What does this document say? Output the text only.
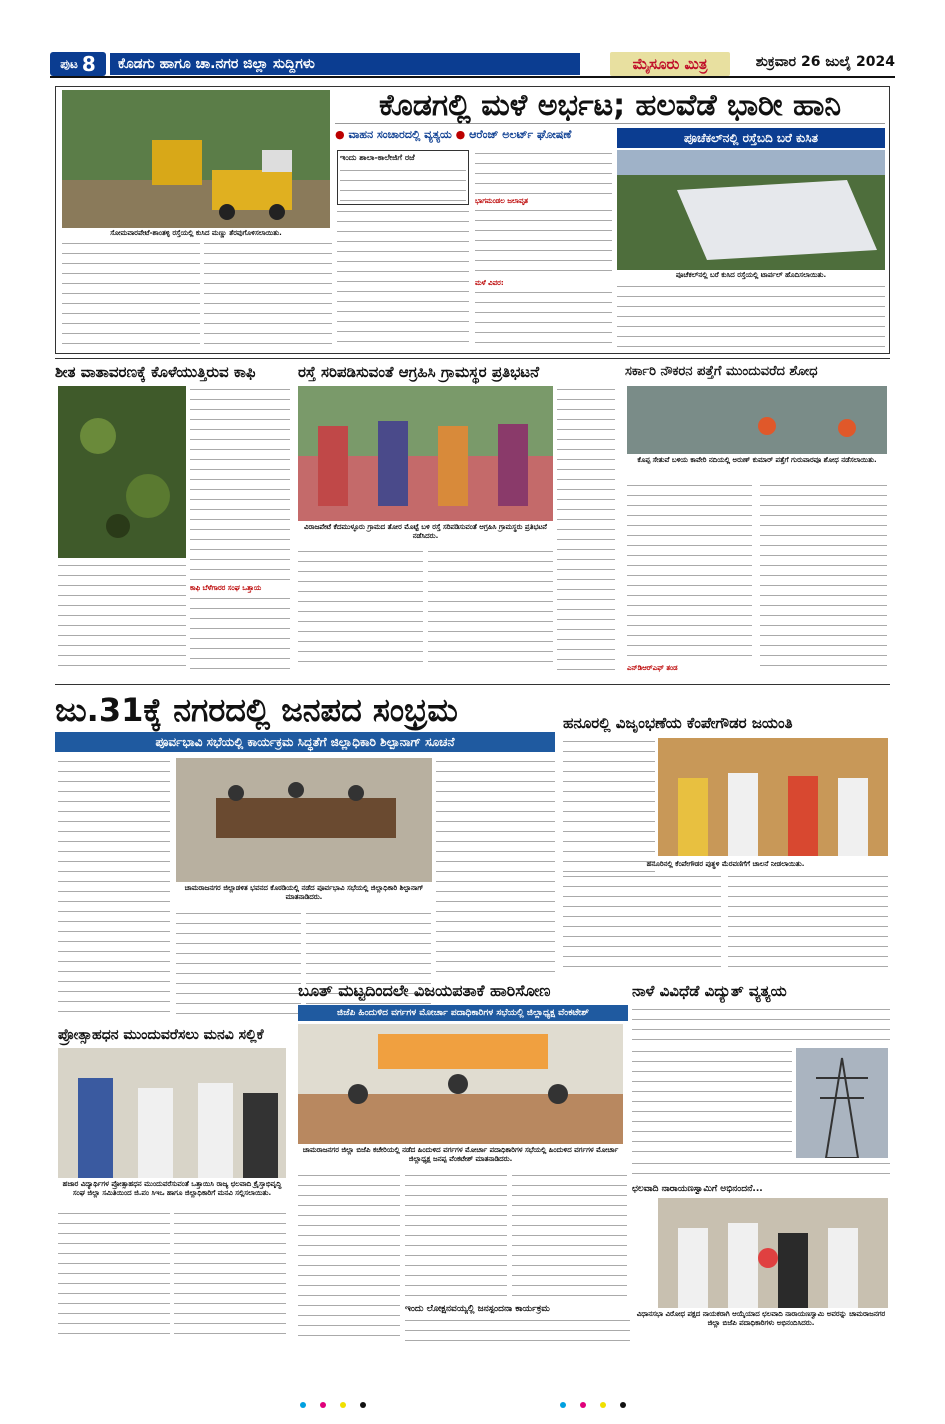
ಪುಟ 8	ಕೊಡಗು ಹಾಗೂ ಚಾ.ನಗರ ಜಿಲ್ಲಾ ಸುದ್ದಿಗಳು	ಮೈಸೂರು ಮಿತ್ರ	ಶುಕ್ರವಾರ 26 ಜುಲೈ 2024
ಸೋಮವಾರಪೇಟೆ-ಶಾಂತಳ್ಳಿ ರಸ್ತೆಯಲ್ಲಿ ಕುಸಿದ ಮಣ್ಣು ತೆರವುಗೊಳಿಸಲಾಯಿತು.
ಕೊಡಗಲ್ಲಿ ಮಳೆ ಅರ್ಭಟ; ಹಲವೆಡೆ ಭಾರೀ ಹಾನಿ
● ವಾಹನ ಸಂಚಾರದಲ್ಲಿ ವ್ಯತ್ಯಯ ● ಆರೆಂಜ್ ಅಲರ್ಟ್ ಘೋಷಣೆ	ಪೂಚೆಕಲ್‌ನಲ್ಲಿ ರಸ್ತೆಬದಿ ಬರೆ ಕುಸಿತ
ಪೂಚೆಕಲ್‌ನಲ್ಲಿ ಬರೆ ಕುಸಿದ ರಸ್ತೆಯಲ್ಲಿ ಟಾರ್ಪಲ್ ಹೊದಿಸಲಾಯಿತು.
ಇಂದು ಶಾಲಾ-ಕಾಲೇಜಿಗೆ ರಜೆ
ಭಾಗಮಂಡಲ ಜಲಾವೃತ
ಮಳೆ ವಿವರ:
ಶೀತ ವಾತಾವರಣಕ್ಕೆ ಕೊಳೆಯುತ್ತಿರುವ ಕಾಫಿ
ಕಾಫಿ ಬೆಳೆಗಾರರ ಸಂಘ ಒತ್ತಾಯ
ರಸ್ತೆ ಸರಿಪಡಿಸುವಂತೆ ಆಗ್ರಹಿಸಿ ಗ್ರಾಮಸ್ಥರ ಪ್ರತಿಭಟನೆ
ವಿರಾಜಪೇಟೆ ಕೆದಮುಳ್ಳೂರು ಗ್ರಾಮದ ತೋರ ಮೊಟ್ಟೆ ಬಳಿ ರಸ್ತೆ ಸರಿಪಡಿಸುವಂತೆ ಆಗ್ರಹಿಸಿ ಗ್ರಾಮಸ್ಥರು ಪ್ರತಿಭಟನೆ ನಡೆಸಿದರು.
ಸರ್ಕಾರಿ ನೌಕರನ ಪತ್ತೆಗೆ ಮುಂದುವರೆದ ಶೋಧ
ಕೊಪ್ಪ ಸೇತುವೆ ಬಳಿಯ ಕಾವೇರಿ ನದಿಯಲ್ಲಿ ಅರುಣ್ ಕುಮಾರ್ ಪತ್ತೆಗೆ ಗುರುವಾರವೂ ಶೋಧ ನಡೆಸಲಾಯಿತು.
ಎನ್‌ಡಿಆರ್‌ಎಫ್ ತಂಡ
ಜು.31ಕ್ಕೆ ನಗರದಲ್ಲಿ ಜನಪದ ಸಂಭ್ರಮ
ಪೂರ್ವಭಾವಿ ಸಭೆಯಲ್ಲಿ ಕಾರ್ಯಕ್ರಮ ಸಿದ್ಧತೆಗೆ ಜಿಲ್ಲಾಧಿಕಾರಿ ಶಿಲ್ಪಾನಾಗ್ ಸೂಚನೆ
ಚಾಮರಾಜನಗರ ಜಿಲ್ಲಾಡಳಿತ ಭವನದ ಕೊಠಡಿಯಲ್ಲಿ ನಡೆದ ಪೂರ್ವಭಾವಿ ಸಭೆಯಲ್ಲಿ ಜಿಲ್ಲಾಧಿಕಾರಿ ಶಿಲ್ಪಾನಾಗ್ ಮಾತನಾಡಿದರು.
ಹನೂರಲ್ಲಿ ವಿಜೃಂಭಣೆಯ ಕೆಂಪೇಗೌಡರ ಜಯಂತಿ
ಹನೂರಿನಲ್ಲಿ ಕೆಂಪೇಗೌಡರ ಪುತ್ಥಳಿ ಮೆರವಣಿಗೆಗೆ ಚಾಲನೆ ನೀಡಲಾಯಿತು.
ಪ್ರೋತ್ಸಾಹಧನ ಮುಂದುವರೆಸಲು ಮನವಿ ಸಲ್ಲಿಕೆ
ಹಜಾರ ವಿದ್ಯಾರ್ಥಿಗಳ ಪ್ರೋತ್ಸಾಹಧನ ಮುಂದುವರೆಸುವಂತೆ ಒತ್ತಾಯಿಸಿ ರಾಜ್ಯ ಛಲವಾದಿ ಕ್ರೈಸ್ತಾಭಿವೃದ್ಧಿ ಸಂಘ ಜಿಲ್ಲಾ ಸಮಿತಿಯಿಂದ ಜಿ.ಪಂ ಸಿಇಒ ಹಾಗೂ ಜಿಲ್ಲಾಧಿಕಾರಿಗೆ ಮನವಿ ಸಲ್ಲಿಸಲಾಯಿತು.
ಬೂತ್ ಮಟ್ಟದಿಂದಲೇ ವಿಜಯಪತಾಕೆ ಹಾರಿಸೋಣ
ಜಿಜೆಪಿ ಹಿಂದುಳಿದ ವರ್ಗಗಳ ಮೋರ್ಚಾ ಪದಾಧಿಕಾರಿಗಳ ಸಭೆಯಲ್ಲಿ ಜಿಲ್ಲಾಧ್ಯಕ್ಷ ವೆಂಕಟೇಶ್
ಚಾಮರಾಜನಗರ ಜಿಲ್ಲಾ ಬಿಜೆಪಿ ಕಚೇರಿಯಲ್ಲಿ ನಡೆದ ಹಿಂದುಳಿದ ವರ್ಗಗಳ ಮೋರ್ಚಾ ಪದಾಧಿಕಾರಿಗಳ ಸಭೆಯಲ್ಲಿ ಹಿಂದುಳಿದ ವರ್ಗಗಳ ಮೋರ್ಚಾ ಜಿಲ್ಲಾಧ್ಯಕ್ಷ ಜನಪ್ಪ ವೆಂಕಟೇಶ್ ಮಾತನಾಡಿದರು.
ಇಂದು ಲೋಕ್ಷನವಯ್ಯಲ್ಲಿ ಜನಸ್ಪಂದನಾ ಕಾರ್ಯಕ್ರಮ
ನಾಳೆ ವಿವಿಧೆಡೆ ವಿದ್ಯುತ್ ವ್ಯತ್ಯಯ
ಛಲವಾದಿ ನಾರಾಯಣಸ್ವಾಮಿಗೆ ಅಭಿನಂದನೆ...
ವಿಧಾನಸಭಾ ವಿರೋಧ ಪಕ್ಷದ ನಾಯಕರಾಗಿ ಆಯ್ಕೆಯಾದ ಛಲವಾದಿ ನಾರಾಯಣಸ್ವಾಮಿ ಅವರನ್ನು ಚಾಮರಾಜನಗರ ಜಿಲ್ಲಾ ಬಿಜೆಪಿ ಪದಾಧಿಕಾರಿಗಳು ಅಭಿನಂದಿಸಿದರು.
